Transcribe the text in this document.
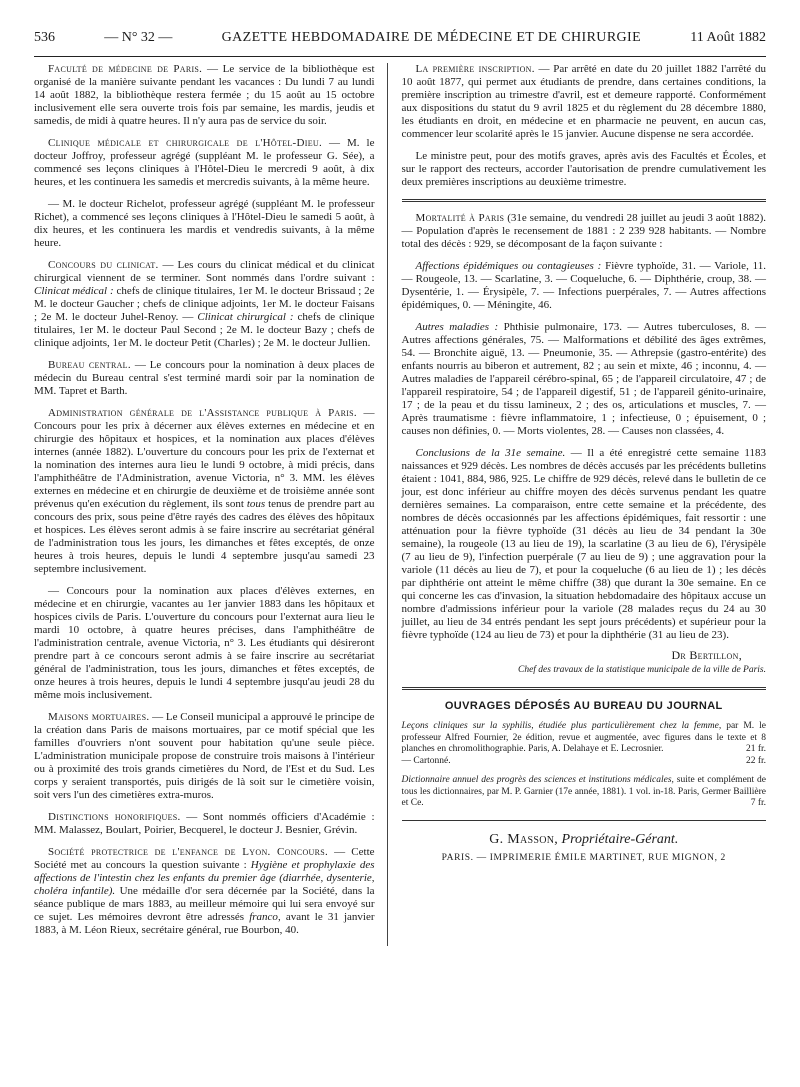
536	— N° 32 —	GAZETTE HEBDOMADAIRE DE MÉDECINE ET DE CHIRURGIE	11 Août 1882

Faculté de médecine de Paris. — Le service de la bibliothèque est organisé de la manière suivante pendant les vacances : Du lundi 7 au lundi 14 août 1882, la bibliothèque restera fermée ; du 15 août au 15 octobre inclusivement elle sera ouverte trois fois par semaine, les mardis, jeudis et samedis, de midi à quatre heures. Il n'y aura pas de service du soir.

Clinique médicale et chirurgicale de l'Hôtel-Dieu. — M. le docteur Joffroy, professeur agrégé (suppléant M. le professeur G. Sée), a commencé ses leçons cliniques à l'Hôtel-Dieu le mercredi 9 août, à dix heures, et les continuera les samedis et mercredis suivants, à la même heure.

— M. le docteur Richelot, professeur agrégé (suppléant M. le professeur Richet), a commencé ses leçons cliniques à l'Hôtel-Dieu le samedi 5 août, à dix heures, et les continuera les mardis et vendredis suivants, à la même heure.

Concours du clinicat. — Les cours du clinicat médical et du clinicat chirurgical viennent de se terminer. Sont nommés dans l'ordre suivant : Clinicat médical : chefs de clinique titulaires, 1er M. le docteur Brissaud ; 2e M. le docteur Gaucher ; chefs de clinique adjoints, 1er M. le docteur Faisans ; 2e M. le docteur Juhel-Renoy. — Clinicat chirurgical : chefs de clinique titulaires, 1er M. le docteur Paul Second ; 2e M. le docteur Bazy ; chefs de clinique adjoints, 1er M. le docteur Petit (Charles) ; 2e M. le docteur Jullien.

Bureau central. — Le concours pour la nomination à deux places de médecin du Bureau central s'est terminé mardi soir par la nomination de MM. Tapret et Barth.

Administration générale de l'Assistance publique à Paris. — Concours pour les prix à décerner aux élèves externes en médecine et en chirurgie des hôpitaux et hospices, et la nomination aux places d'élèves internes (année 1882). L'ouverture du concours pour les prix de l'externat et la nomination des internes aura lieu le lundi 9 octobre, à midi précis, dans l'amphithéâtre de l'Administration, avenue Victoria, n° 3. MM. les élèves externes en médecine et en chirurgie de deuxième et de troisième année sont prévenus qu'en exécution du règlement, ils sont tous tenus de prendre part au concours des prix, sous peine d'être rayés des cadres des élèves des hôpitaux et hospices. Les élèves seront admis à se faire inscrire au secrétariat général de l'administration tous les jours, les dimanches et fêtes exceptés, de onze heures à trois heures, depuis le lundi 4 septembre jusqu'au samedi 23 septembre inclusivement.

— Concours pour la nomination aux places d'élèves externes, en médecine et en chirurgie, vacantes au 1er janvier 1883 dans les hôpitaux et hospices civils de Paris. L'ouverture du concours pour l'externat aura lieu le mardi 10 octobre, à quatre heures précises, dans l'amphithéâtre de l'administration centrale, avenue Victoria, n° 3. Les étudiants qui désireront prendre part à ce concours seront admis à se faire inscrire au secrétariat général de l'administration, tous les jours, dimanches et fêtes exceptés, de onze heures à trois heures, depuis le lundi 4 septembre jusqu'au jeudi 28 du même mois inclusivement.

Maisons mortuaires. — Le Conseil municipal a approuvé le principe de la création dans Paris de maisons mortuaires, par ce motif spécial que les familles d'ouvriers n'ont souvent pour habitation qu'une seule pièce. L'administration municipale propose de construire trois maisons à l'intérieur ou à proximité des trois grands cimetières du Nord, de l'Est et du Sud. Les corps y seraient transportés, puis dirigés de là soit sur le cimetière voisin, soit vers l'un des cimetières extra-muros.

Distinctions honorifiques. — Sont nommés officiers d'Académie : MM. Malassez, Boulart, Poirier, Becquerel, le docteur J. Besnier, Grévin.

Société protectrice de l'enfance de Lyon. Concours. — Cette Société met au concours la question suivante : Hygiène et prophylaxie des affections de l'intestin chez les enfants du premier âge (diarrhée, dysenterie, choléra infantile). Une médaille d'or sera décernée par la Société, dans la séance publique de mars 1883, au meilleur mémoire qui lui sera envoyé sur ce sujet. Les mémoires devront être adressés franco, avant le 31 janvier 1883, à M. Léon Rieux, secrétaire général, rue Bourbon, 40.

La première inscription. — Par arrêté en date du 20 juillet 1882 l'arrêté du 10 août 1877, qui permet aux étudiants de prendre, dans certaines conditions, la première inscription au trimestre d'avril, est et demeure rapporté. Conformément aux dispositions du statut du 9 avril 1825 et du règlement du 28 décembre 1880, les étudiants en droit, en médecine et en pharmacie ne peuvent, en aucun cas, commencer leur scolarité après le 15 janvier. Aucune dispense ne sera accordée.

Le ministre peut, pour des motifs graves, après avis des Facultés et Écoles, et sur le rapport des recteurs, accorder l'autorisation de prendre cumulativement les deux premières inscriptions au deuxième trimestre.

Mortalité à Paris (31e semaine, du vendredi 28 juillet au jeudi 3 août 1882). — Population d'après le recensement de 1881 : 2 239 928 habitants. — Nombre total des décès : 929, se décomposant de la façon suivante :

Affections épidémiques ou contagieuses : Fièvre typhoïde, 31. — Variole, 11. — Rougeole, 13. — Scarlatine, 3. — Coqueluche, 6. — Diphthérie, croup, 38. — Dysentérie, 1. — Érysipèle, 7. — Infections puerpérales, 7. — Autres affections épidémiques, 0. — Méningite, 46.

Autres maladies : Phthisie pulmonaire, 173. — Autres tuberculoses, 8. — Autres affections générales, 75. — Malformations et débilité des âges extrêmes, 54. — Bronchite aiguë, 13. — Pneumonie, 35. — Athrepsie (gastro-entérite) des enfants nourris au biberon et autrement, 82 ; au sein et mixte, 46 ; inconnu, 4. — Autres maladies de l'appareil cérébro-spinal, 65 ; de l'appareil circulatoire, 47 ; de l'appareil respiratoire, 54 ; de l'appareil digestif, 51 ; de l'appareil génito-urinaire, 17 ; de la peau et du tissu lamineux, 2 ; des os, articulations et muscles, 7. — Après traumatisme : fièvre inflammatoire, 1 ; infectieuse, 0 ; épuisement, 0 ; causes non définies, 0. — Morts violentes, 28. — Causes non classées, 4.

Conclusions de la 31e semaine. — Il a été enregistré cette semaine 1183 naissances et 929 décès. Les nombres de décès accusés par les précédents bulletins étaient : 1041, 884, 986, 925. Le chiffre de 929 décès, relevé dans le bulletin de ce jour, est donc inférieur au chiffre moyen des décès survenus pendant les quatre dernières semaines. La comparaison, entre cette semaine et la précédente, des nombres de décès occasionnés par les affections épidémiques, fait ressortir : une atténuation pour la fièvre typhoïde (31 décès au lieu de 34 pendant la 30e semaine), la rougeole (13 au lieu de 19), la scarlatine (3 au lieu de 6), l'érysipèle (7 au lieu de 9), l'infection puerpérale (7 au lieu de 9) ; une aggravation pour la variole (11 décès au lieu de 7), et pour la coqueluche (6 au lieu de 1) ; les décès par diphthérie ont atteint le même chiffre (38) que durant la 30e semaine. En ce qui concerne les cas d'invasion, la situation hebdomadaire des hôpitaux accuse un nombre d'admissions inférieur pour la variole (28 malades reçus du 24 au 30 juillet, au lieu de 34 entrés pendant les sept jours précédents) et supérieur pour la fièvre typhoïde (124 au lieu de 73) et pour la diphthérie (31 au lieu de 23).

Dr Bertillon,
Chef des travaux de la statistique municipale de la ville de Paris.
OUVRAGES DÉPOSÉS AU BUREAU DU JOURNAL
Leçons cliniques sur la syphilis, étudiée plus particulièrement chez la femme, par M. le professeur Alfred Fournier, 2e édition, revue et augmentée, avec figures dans le texte et 8 planches en chromolithographie. Paris, A. Delahaye et E. Lecrosnier.	21 fr.
— Cartonné.	22 fr.
Dictionnaire annuel des progrès des sciences et institutions médicales, suite et complément de tous les dictionnaires, par M. P. Garnier (17e année, 1881). 1 vol. in-18. Paris, Germer Baillière et Ce.	7 fr.
G. Masson, Propriétaire-Gérant.
PARIS. — IMPRIMERIE ÉMILE MARTINET, RUE MIGNON, 2
